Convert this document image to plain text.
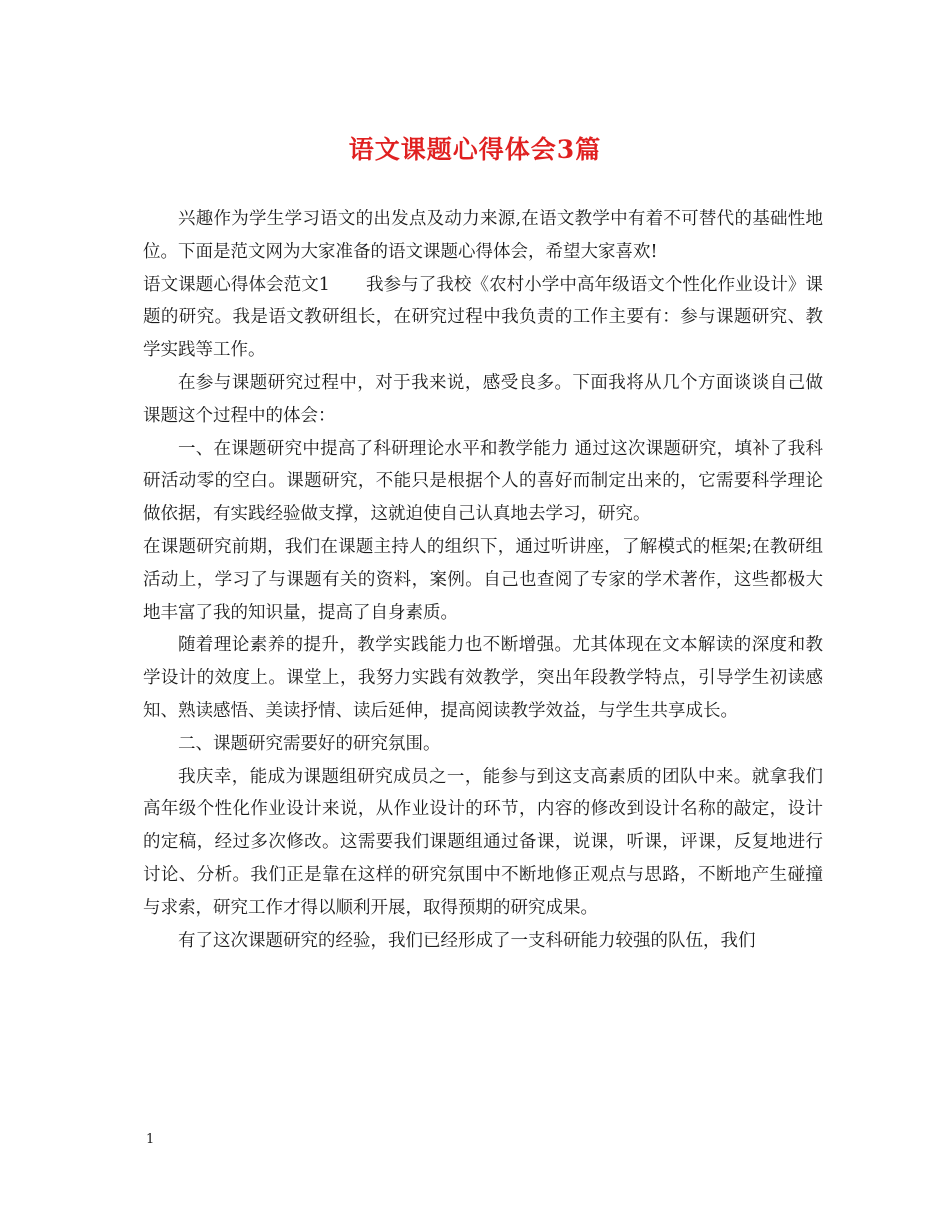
语文课题心得体会3篇

兴趣作为学生学习语文的出发点及动力来源,在语文教学中有着不可替代的基础性地位。下面是范文网为大家准备的语文课题心得体会，希望大家喜欢!

语文课题心得体会范文1 我参与了我校《农村小学中高年级语文个性化作业设计》课题的研究。我是语文教研组长，在研究过程中我负责的工作主要有：参与课题研究、教学实践等工作。

在参与课题研究过程中，对于我来说，感受良多。下面我将从几个方面谈谈自己做课题这个过程中的体会：

一、在课题研究中提高了科研理论水平和教学能力 通过这次课题研究，填补了我科研活动零的空白。课题研究，不能只是根据个人的喜好而制定出来的，它需要科学理论做依据，有实践经验做支撑，这就迫使自己认真地去学习，研究。

在课题研究前期，我们在课题主持人的组织下，通过听讲座，了解模式的框架;在教研组活动上，学习了与课题有关的资料，案例。自己也查阅了专家的学术著作，这些都极大地丰富了我的知识量，提高了自身素质。

随着理论素养的提升，教学实践能力也不断增强。尤其体现在文本解读的深度和教学设计的效度上。课堂上，我努力实践有效教学，突出年段教学特点，引导学生初读感知、熟读感悟、美读抒情、读后延伸，提高阅读教学效益，与学生共享成长。

二、课题研究需要好的研究氛围。

我庆幸，能成为课题组研究成员之一，能参与到这支高素质的团队中来。就拿我们高年级个性化作业设计来说，从作业设计的环节，内容的修改到设计名称的敲定，设计的定稿，经过多次修改。这需要我们课题组通过备课，说课，听课，评课，反复地进行讨论、分析。我们正是靠在这样的研究氛围中不断地修正观点与思路，不断地产生碰撞与求索，研究工作才得以顺利开展，取得预期的研究成果。

有了这次课题研究的经验，我们已经形成了一支科研能力较强的队伍，我们

1
